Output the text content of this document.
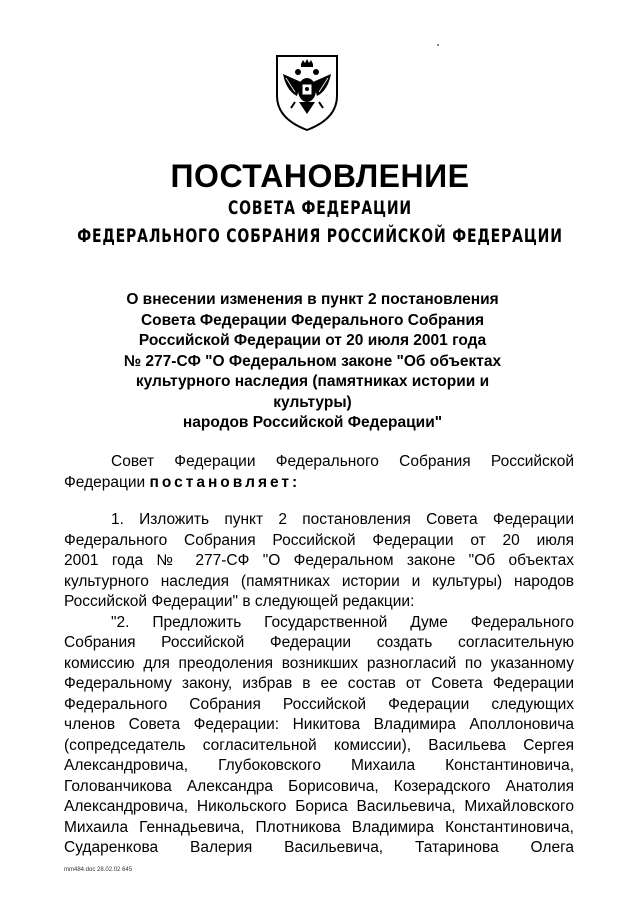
ПОСТАНОВЛЕНИЕ
СОВЕТА ФЕДЕРАЦИИ
ФЕДЕРАЛЬНОГО СОБРАНИЯ РОССИЙСКОЙ ФЕДЕРАЦИИ
О внесении изменения в пункт 2 постановления
Совета Федерации Федерального Собрания
Российской Федерации от 20 июля 2001 года
№ 277-СФ "О Федеральном законе "Об объектах
культурного наследия (памятниках истории и культуры)
народов Российской Федерации"
Совет Федерации Федерального Собрания Российской
Федерации постановляет:
1. Изложить пункт 2 постановления Совета Федерации
Федерального Собрания Российской Федерации от 20 июля
2001 года № 277-СФ "О Федеральном законе "Об объектах
культурного наследия (памятниках истории и культуры) народов
Российской Федерации" в следующей редакции:
"2. Предложить Государственной Думе Федерального
Собрания Российской Федерации создать согласительную
комиссию для преодоления возникших разногласий по указанному
Федеральному закону, избрав в ее состав от Совета Федерации
Федерального Собрания Российской Федерации следующих
членов Совета Федерации: Никитова Владимира Аполлоновича
(сопредседатель согласительной комиссии), Васильева Сергея
Александровича, Глубоковского Михаила Константиновича,
Голованчикова Александра Борисовича, Козерадского Анатолия
Александровича, Никольского Бориса Васильевича, Михайловского
Михаила Геннадьевича, Плотникова Владимира Константиновича,
Сударенкова Валерия Васильевича, Татаринова Олега
mm484.doc 28.02.02 645
